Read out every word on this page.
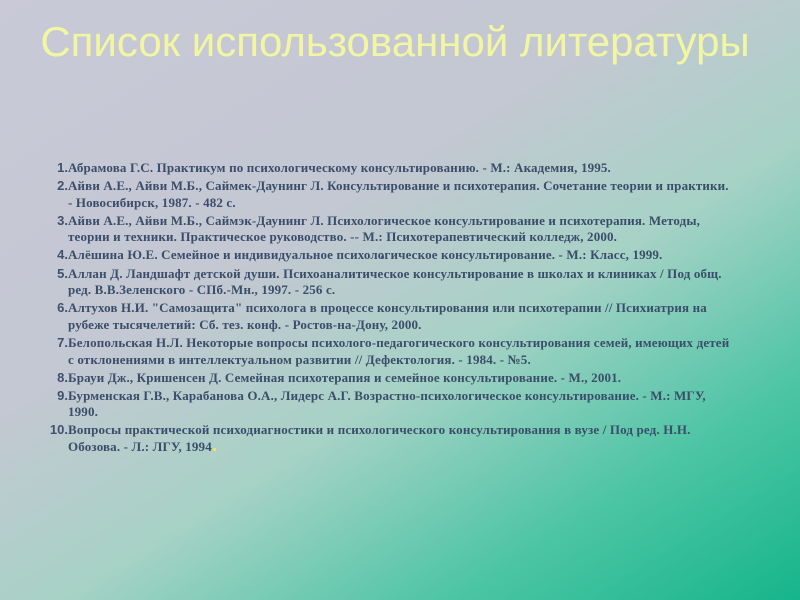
Список использованной литературы
1. Абрамова Г.С. Практикум по психологическому консультированию. - М.: Академия, 1995.
2. Айви А.Е., Айви М.Б., Саймек-Даунинг Л. Консультирование и психотерапия. Сочетание теории и практики. - Новосибирск, 1987. - 482 с.
3. Айви А.Е., Айви М.Б., Саймэк-Даунинг Л. Психологическое консультирование и психотерапия. Методы, теории и техники. Практическое руководство. -- М.: Психотерапевтический колледж, 2000.
4. Алёшина Ю.Е. Семейное и индивидуальное психологическое консультирование. - М.: Класс, 1999.
5. Аллан Д. Ландшафт детской души. Психоаналитическое консультирование в школах и клиниках / Под общ. ред. В.В.Зеленского - СПб.-Мн., 1997. - 256 с.
6. Алтухов Н.И. "Самозащита" психолога в процессе консультирования или психотерапии // Психиатрия на рубеже тысячелетий: Сб. тез. конф. - Ростов-на-Дону, 2000.
7. Белопольская Н.Л. Некоторые вопросы психолого-педагогического консультирования семей, имеющих детей с отклонениями в интеллектуальном развитии // Дефектология. - 1984. - №5.
8. Брауи Дж., Кришенсен Д. Семейная психотерапия и семейное консультирование. - М., 2001.
9. Бурменская Г.В., Карабанова О.А., Лидерс А.Г. Возрастно-психологическое консультирование. - М.: МГУ, 1990.
10. Вопросы практической психодиагностики и психологического консультирования в вузе / Под ред. Н.Н. Обозова. - Л.: ЛГУ, 1994
